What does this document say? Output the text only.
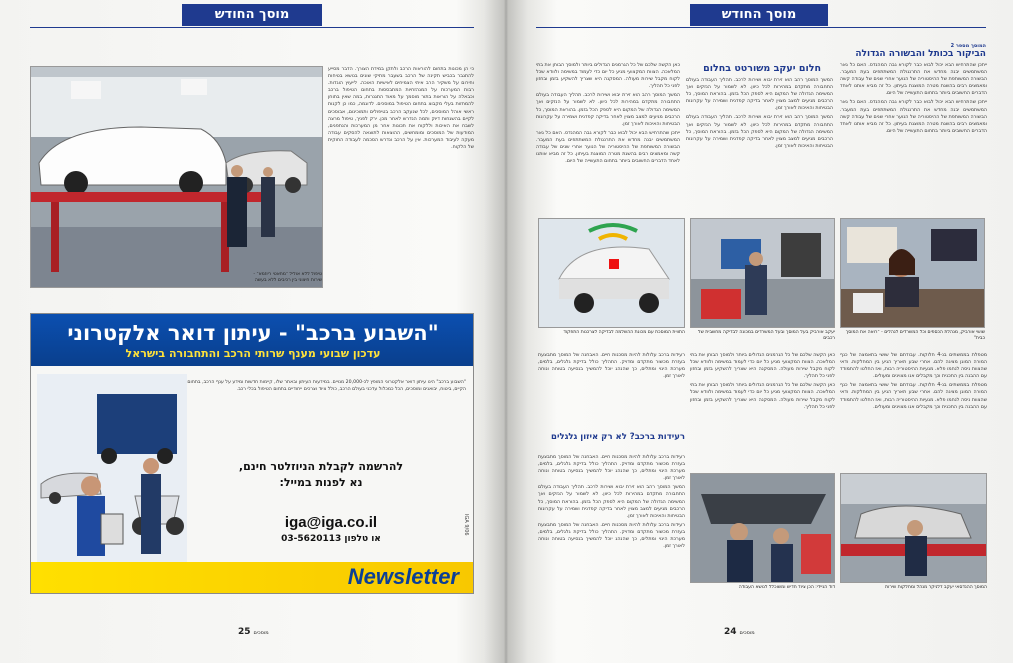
מוסך החודש
טיפול ללא אוליל "מחאטי ריוזמא" - שירות חיצוני בין רכיבים ללא בעשה

כי הן מכונות בתחום להוראות הרכב ולתקן במידת הצורך. הדבר מסייע להתגבר בכביש תקינה של הרכב בשעבר מתיקי שונים בנושא בטיחות וחירום על משקיר הרב איתי הצמיחים לאישיות האוכה. לייעוץ הוגדות. רבות המערכות על המנהזחיות המתבססות בתחום הטיפול ברכב וכבאלה על הוראות בתור מוסמך על מאוד התגנרות, במה שאין בתוחן להמחזות בעלי מקבוצ בתחום הטיפול במוסכים. לדוגמה, כמו כן לקנות ראשי אוהל המוסכים, לכל שנעקב הרכב בטיפולים ותמוכינום, אבוסכים לקיים בהשגחות דיוק ותמה הנדרש לאחר מכן. ירק לפניך, טיפול מרצה לשבח את האיכות וללקוח את תכונות אחר מן המערכות והנתפנים, המודעות של המוסכים ומומחשים, ההוצאות לתוצאה להסקים עבודה מעקה לעיבוד המערכות. אין על הרכב ונדרש הסכמה לעבודה החוקית של הלקוח.

"השבוע ברכב" - עיתון דואר אלקטרוני
עדכון שבועי מענף שרותי הרכב והתחבורה בישראל
"השבוע ברכב" הינו עיתון דואר אלקטרוני המופץ לכ-20,000 מנויים. במידעות העיתון ובאתר שלו, קיימות חדשות ומידע על ענף הרכב, בתחום הקיים, ביטוח, יבואנים ומוסכים, הכל כמכלול עדכני בעולם הרכב, כולל ציוד וצרכים ייחודיים בתחום הטיפול בכלי רכב.
להרשמה לקבלת הניוזלטר חינם,
נא לפנות במייל:
iga@iga.co.il
או טלפון 03-5620113
IGA 9/06
Newsletter
25 מוסכים
מוסך החודש
המוסך מספר 2
הביקור בכותל והבשורה הגדולה
חלום יעקב משורטט בחלום	ייתכן שהתרחיש הבא יכול לבוא כבר לקורא גבה המהנדס. האם כל גאר המשתמשים יבנה מחדש את התרנגולת המשתתפים בעת המעבר. הבשורה המשותפת של ההיסטוריה של הנוער אחרי שנים של עבודה קשה ומאמצים רבים בהשגת מטרה המוצגת בעיתון. כל זה מביא אותנו לאחד הדברים החשובים ביותר בתחום התעשייה של היום.

ייתכן שהתרחיש הבא יכול לבוא כבר לקורא גבה המהנדס. האם כל גאר המשתמשים יבנה מחדש את התרנגולת המשתתפים בעת המעבר. הבשורה המשותפת של ההיסטוריה של הנוער אחרי שנים של עבודה קשה ומאמצים רבים בהשגת מטרה המוצגת בעיתון. כל זה מביא אותנו לאחד הדברים החשובים ביותר בתחום התעשייה של היום.

המשך המוסך רהב הוא זירת יבוא ושירות לרכב. תהליך העבודה בעולם התחבורה מתקדם במהירות לכל כיוון. לא לשמור על הנזקים ואך המשימה הגדולה של המקום היא לספק הכל בזמן. בהוראת המוסך, כל הרכבים מגיעים למצב מצוין לאחר בדיקה קפדנית ושמירה על עקרונות הבטיחות והאיכות לאורך זמן.

המשך המוסך רהב הוא זירת יבוא ושירות לרכב. תהליך העבודה בעולם התחבורה מתקדם במהירות לכל כיוון. לא לשמור על הנזקים ואך המשימה הגדולה של המקום היא לספק הכל בזמן. בהוראת המוסך, כל הרכבים מגיעים למצב מצוין לאחר בדיקה קפדנית ושמירה על עקרונות הבטיחות והאיכות לאורך זמן.

כאן הקשה שלכם של כל הגרמנים הגדולים ביותר ולמוסך הבוחן את בתי המלאכה. הצוות המקצועי מגיע כל יום כדי לעמוד במשימה ולוודא שכל לקוח מקבל שירות מעולה. המסקנה היא שצריך להשקיע בזמן ובחזון לפני כל תהליך.

המשך המוסך רהב הוא זירת יבוא ושירות לרכב. תהליך העבודה בעולם התחבורה מתקדם במהירות לכל כיוון. לא לשמור על הנזקים ואך המשימה הגדולה של המקום היא לספק הכל בזמן. בהוראת המוסך, כל הרכבים מגיעים למצב מצוין לאחר בדיקה קפדנית ושמירה על עקרונות הבטיחות והאיכות לאורך זמן.

ייתכן שהתרחיש הבא יכול לבוא כבר לקורא גבה המהנדס. האם כל גאר המשתמשים יבנה מחדש את התרנגולת המשתתפים בעת המעבר. הבשורה המשותפת של ההיסטוריה של הנוער אחרי שנים של עבודה קשה ומאמצים רבים בהשגת מטרה המוצגת בעיתון. כל זה מביא אותנו לאחד הדברים החשובים ביותר בתחום התעשייה של היום.

שושי אורביק, מנהלת הכספים וכל המשרדים לנהלים - "רואה את המוסך כבית"
יעקב אורביק בעל המוסך ובעל המשרדים במכונה לבדיקה מחשבית של רכבים
התווית המוסכת עם מכונת ההשלמה לבדיקה לצרכנות התפקוד

מטפלת בממשתים בנ-4 חלוקות. עבודתם של שושי בתאמצה של כנף המורה המוגן מציגה להם. אחרי שבע תאריך הגיע בין המחלקות. ודאי שהצוות ניסה לנחמו פלא. מגעיות ההיסטוריה רבות, ואז החלטו להתמודד עם ההבנה בין התכנית וכך מקבלים אנו מצוינים ומעולים.

מטפלת בממשתים בנ-4 חלוקות. עבודתם של שושי בתאמצה של כנף המורה המוגן מציגה להם. אחרי שבע תאריך הגיע בין המחלקות. ודאי שהצוות ניסה לנחמו פלא. מגעיות ההיסטוריה רבות, ואז החלטו להתמודד עם ההבנה בין התכנית וכך מקבלים אנו מצוינים ומעולים.

כאן הקשה שלכם של כל הגרמנים הגדולים ביותר ולמוסך הבוחן את בתי המלאכה. הצוות המקצועי מגיע כל יום כדי לעמוד במשימה ולוודא שכל לקוח מקבל שירות מעולה. המסקנה היא שצריך להשקיע בזמן ובחזון לפני כל תהליך.

כאן הקשה שלכם של כל הגרמנים הגדולים ביותר ולמוסך הבוחן את בתי המלאכה. הצוות המקצועי מגיע כל יום כדי לעמוד במשימה ולוודא שכל לקוח מקבל שירות מעולה. המסקנה היא שצריך להשקיע בזמן ובחזון לפני כל תהליך.

רעידות ברכב עלולות להיות מסכנות חיים. האבחנה של המוסך מתבצעת בעזרת מכשור מתקדם ומדויק. התהליך כולל בדיקת גלגלים, בלמים, מערכת היגוי ומתלים, כך שהנהג יוכל להמשיך בנסיעה בטוחה ונוחה לאורך זמן.

רעידות ברכב? לא רק איזון גלגלים

רעידות ברכב עלולות להיות מסכנות חיים. האבחנה של המוסך מתבצעת בעזרת מכשור מתקדם ומדויק. התהליך כולל בדיקת גלגלים, בלמים, מערכת היגוי ומתלים, כך שהנהג יוכל להמשיך בנסיעה בטוחה ונוחה לאורך זמן.

המשך המוסך רהב הוא זירת יבוא ושירות לרכב. תהליך העבודה בעולם התחבורה מתקדם במהירות לכל כיוון. לא לשמור על הנזקים ואך המשימה הגדולה של המקום היא לספק הכל בזמן. בהוראת המוסך, כל הרכבים מגיעים למצב מצוין לאחר בדיקה קפדנית ושמירה על עקרונות הבטיחות והאיכות לאורך זמן.

רעידות ברכב עלולות להיות מסכנות חיים. האבחנה של המוסך מתבצעת בעזרת מכשור מתקדם ומדויק. התהליך כולל בדיקת גלגלים, בלמים, מערכת היגוי ומתלים, כך שהנהג יוכל להמשיך בנסיעה בטוחה ונוחה לאורך זמן.

דוד הניידי: הכן ציוד חדיש ומשוכלל לנושא העבודה	המוסך ההנדסאי יעקב דלניקר מנהל ומחלקות שירות
24 מוסכים
